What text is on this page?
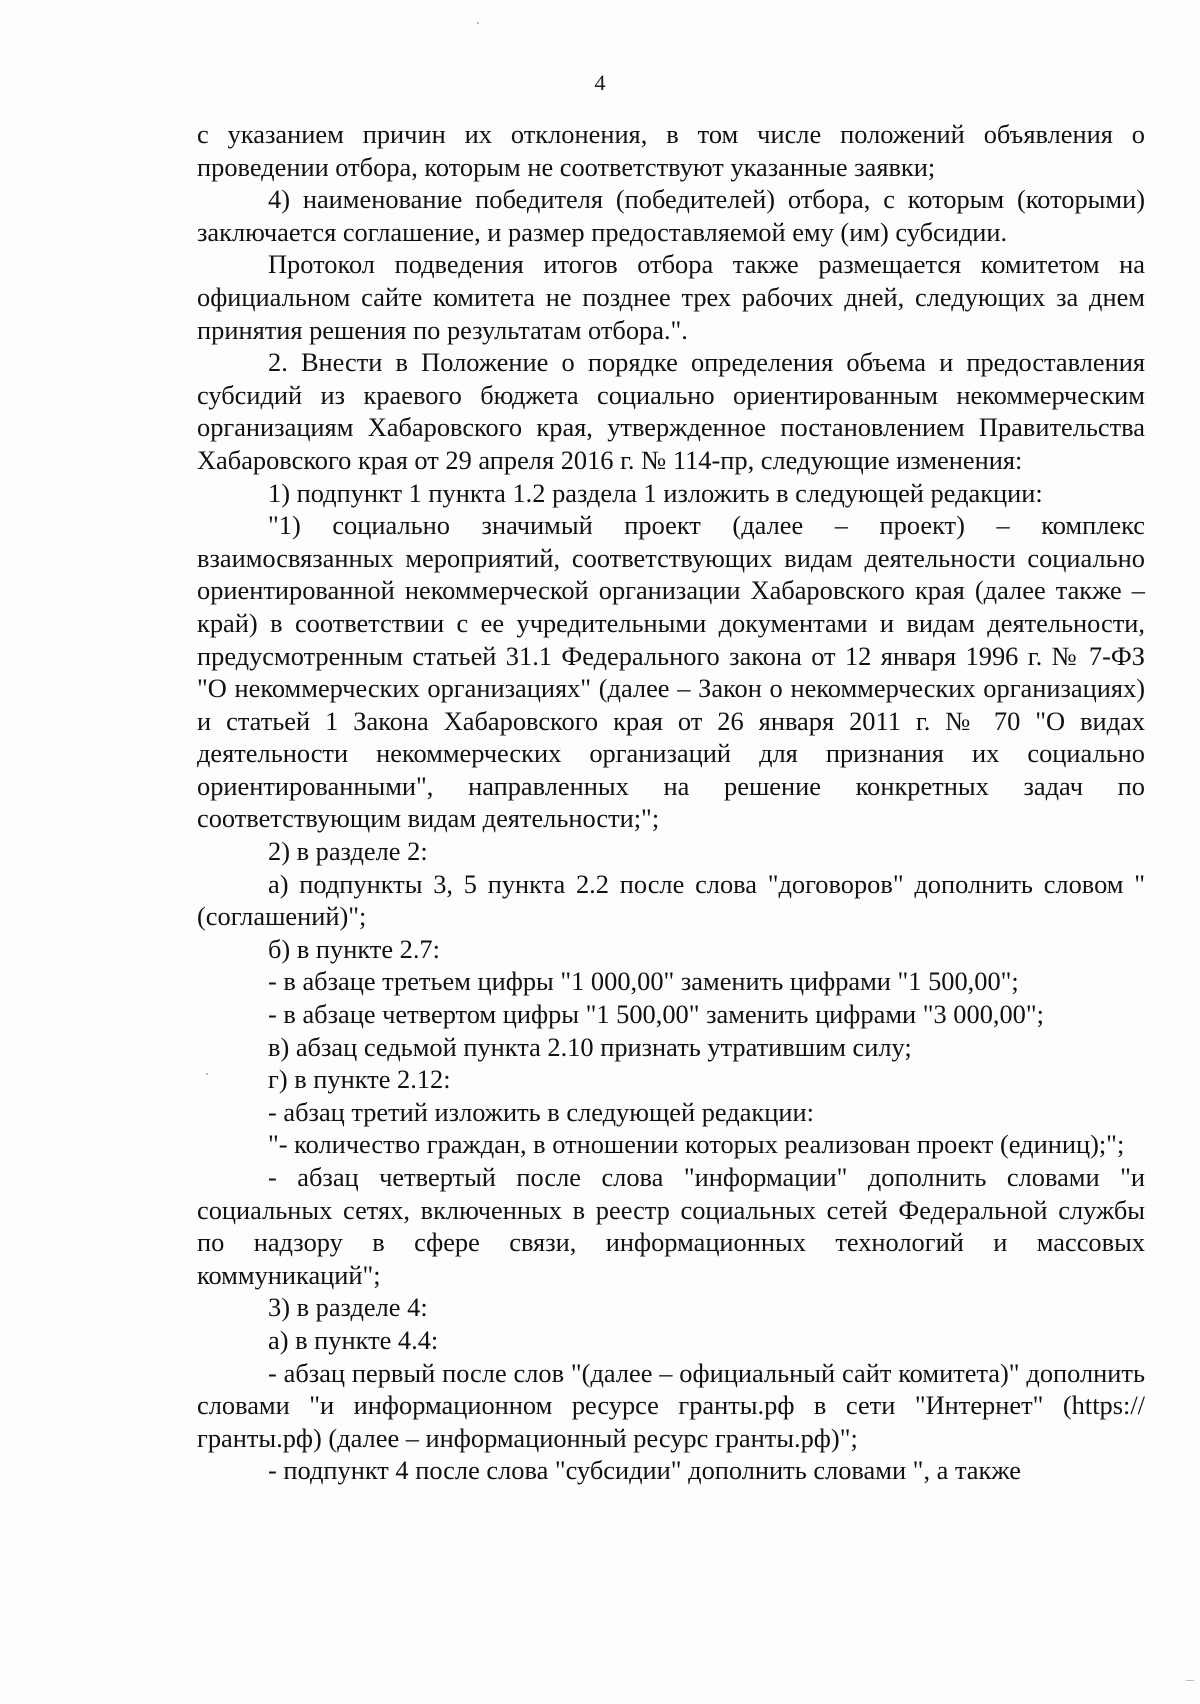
4

с указанием причин их отклонения, в том числе положений объявления о проведении отбора, которым не соответствуют указанные заявки;

4) наименование победителя (победителей) отбора, с которым (которыми) заключается соглашение, и размер предоставляемой ему (им) субсидии.

Протокол подведения итогов отбора также размещается комитетом на официальном сайте комитета не позднее трех рабочих дней, следующих за днем принятия решения по результатам отбора.".

2. Внести в Положение о порядке определения объема и предоставления субсидий из краевого бюджета социально ориентированным некоммерческим организациям Хабаровского края, утвержденное постановлением Правительства Хабаровского края от 29 апреля 2016 г. № 114-пр, следующие изменения:

1) подпункт 1 пункта 1.2 раздела 1 изложить в следующей редакции:

"1) социально значимый проект (далее – проект) – комплекс взаимосвязанных мероприятий, соответствующих видам деятельности социально ориентированной некоммерческой организации Хабаровского края (далее также – край) в соответствии с ее учредительными документами и видам деятельности, предусмотренным статьей 31.1 Федерального закона от 12 января 1996 г. № 7-ФЗ "О некоммерческих организациях" (далее – Закон о некоммерческих организациях) и статьей 1 Закона Хабаровского края от 26 января 2011 г. № 70 "О видах деятельности некоммерческих организаций для признания их социально ориентированными", направленных на решение конкретных задач по соответствующим видам деятельности;";

2) в разделе 2:

а) подпункты 3, 5 пункта 2.2 после слова "договоров" дополнить словом "(соглашений)";

б) в пункте 2.7:

- в абзаце третьем цифры "1 000,00" заменить цифрами "1 500,00";

- в абзаце четвертом цифры "1 500,00" заменить цифрами "3 000,00";

в) абзац седьмой пункта 2.10 признать утратившим силу;

г) в пункте 2.12:

- абзац третий изложить в следующей редакции:

"- количество граждан, в отношении которых реализован проект (единиц);";

- абзац четвертый после слова "информации" дополнить словами "и социальных сетях, включенных в реестр социальных сетей Федеральной службы по надзору в сфере связи, информационных технологий и массовых коммуникаций";

3) в разделе 4:

а) в пункте 4.4:

- абзац первый после слов "(далее – официальный сайт комитета)" дополнить словами "и информационном ресурсе гранты.рф в сети "Интернет" (https://гранты.рф) (далее – информационный ресурс гранты.рф)";

- подпункт 4 после слова "субсидии" дополнить словами ", а также
